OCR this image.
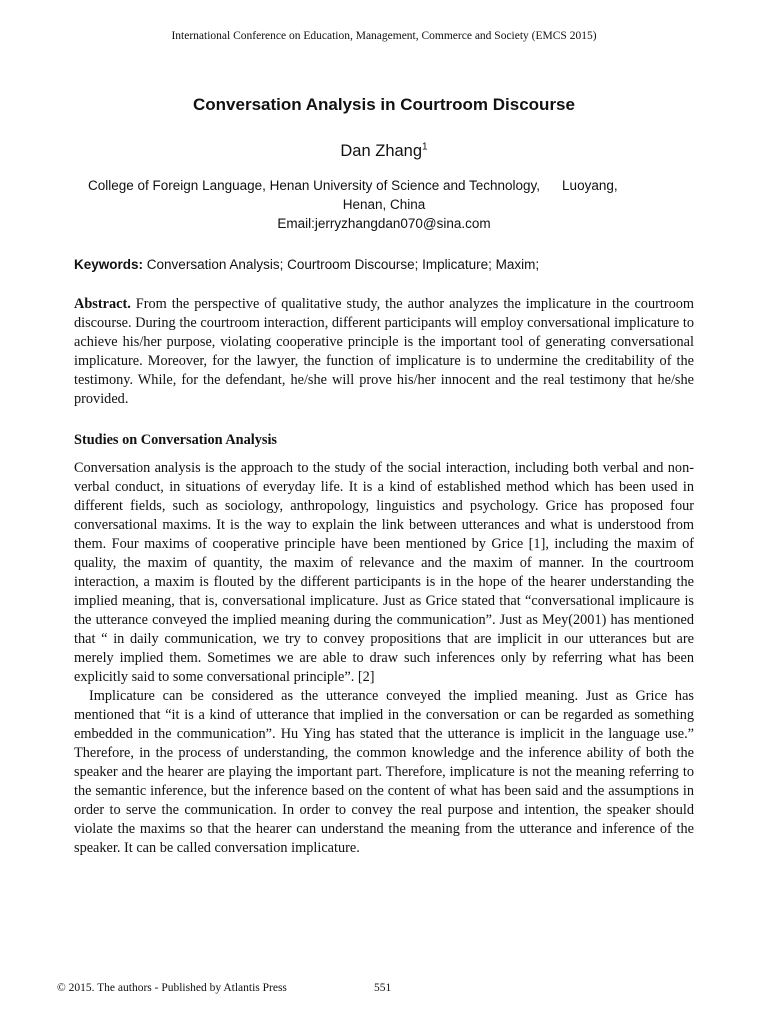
International Conference on Education, Management, Commerce and Society (EMCS 2015)
Conversation Analysis in Courtroom Discourse
Dan Zhang$^1$
College of Foreign Language, Henan University of Science and Technology, Luoyang,
Henan, China
Email:jerryzhangdan070@sina.com
Keywords: Conversation Analysis; Courtroom Discourse; Implicature; Maxim;
Abstract. From the perspective of qualitative study, the author analyzes the implicature in the courtroom discourse. During the courtroom interaction, different participants will employ conversational implicature to achieve his/her purpose, violating cooperative principle is the important tool of generating conversational implicature. Moreover, for the lawyer, the function of implicature is to undermine the creditability of the testimony. While, for the defendant, he/she will prove his/her innocent and the real testimony that he/she provided.
Studies on Conversation Analysis

Conversation analysis is the approach to the study of the social interaction, including both verbal and non-verbal conduct, in situations of everyday life. It is a kind of established method which has been used in different fields, such as sociology, anthropology, linguistics and psychology. Grice has proposed four conversational maxims. It is the way to explain the link between utterances and what is understood from them. Four maxims of cooperative principle have been mentioned by Grice [1], including the maxim of quality, the maxim of quantity, the maxim of relevance and the maxim of manner. In the courtroom interaction, a maxim is flouted by the different participants is in the hope of the hearer understanding the implied meaning, that is, conversational implicature. Just as Grice stated that “conversational implicaure is the utterance conveyed the implied meaning during the communication”. Just as Mey(2001) has mentioned that “ in daily communication, we try to convey propositions that are implicit in our utterances but are merely implied them. Sometimes we are able to draw such inferences only by referring what has been explicitly said to some conversational principle”. [2]

Implicature can be considered as the utterance conveyed the implied meaning. Just as Grice has mentioned that “it is a kind of utterance that implied in the conversation or can be regarded as something embedded in the communication”. Hu Ying has stated that the utterance is implicit in the language use.” Therefore, in the process of understanding, the common knowledge and the inference ability of both the speaker and the hearer are playing the important part. Therefore, implicature is not the meaning referring to the semantic inference, but the inference based on the content of what has been said and the assumptions in order to serve the communication. In order to convey the real purpose and intention, the speaker should violate the maxims so that the hearer can understand the meaning from the utterance and inference of the speaker. It can be called conversation implicature.

© 2015. The authors - Published by Atlantis Press	551
